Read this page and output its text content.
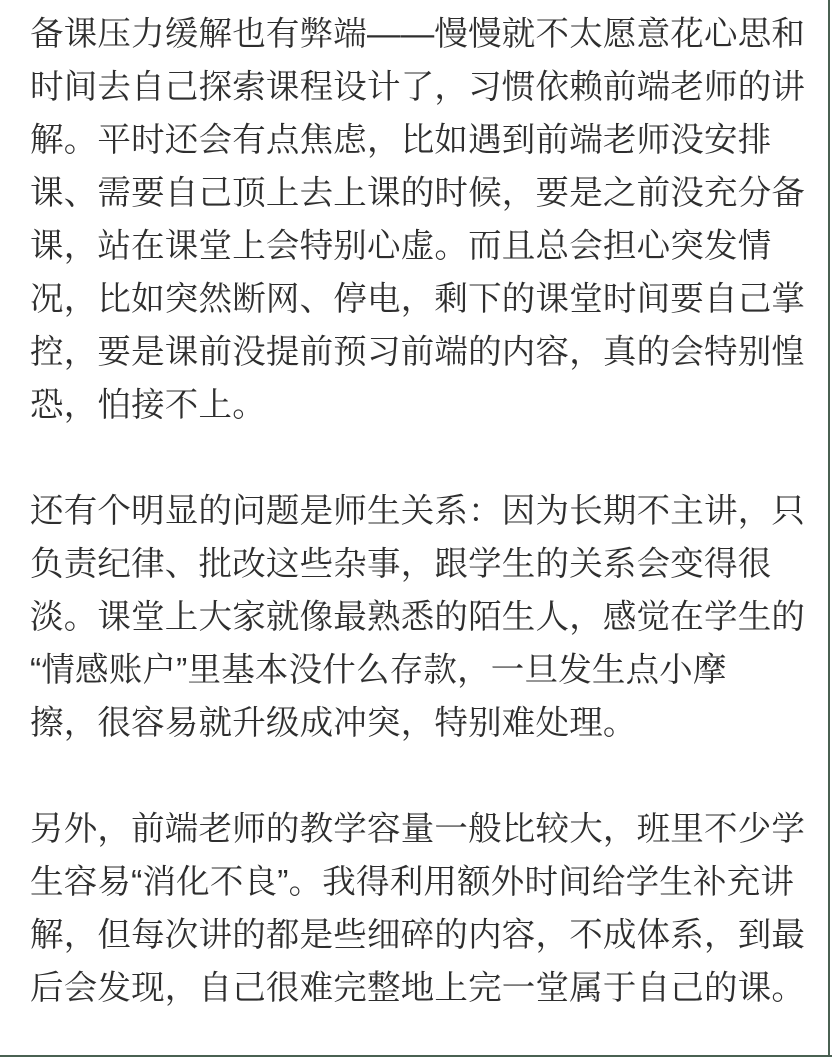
备课压力缓解也有弊端——慢慢就不太愿意花心思和
时间去自己探索课程设计了，习惯依赖前端老师的讲
解。平时还会有点焦虑，比如遇到前端老师没安排
课、需要自己顶上去上课的时候，要是之前没充分备
课，站在课堂上会特别心虚。而且总会担心突发情
况，比如突然断网、停电，剩下的课堂时间要自己掌
控，要是课前没提前预习前端的内容，真的会特别惶
恐，怕接不上。
还有个明显的问题是师生关系：因为长期不主讲，只
负责纪律、批改这些杂事，跟学生的关系会变得很
淡。课堂上大家就像最熟悉的陌生人，感觉在学生的
“情感账户”里基本没什么存款，一旦发生点小摩
擦，很容易就升级成冲突，特别难处理。
另外，前端老师的教学容量一般比较大，班里不少学
生容易“消化不良”。我得利用额外时间给学生补充讲
解，但每次讲的都是些细碎的内容，不成体系，到最
后会发现，自己很难完整地上完一堂属于自己的课。
